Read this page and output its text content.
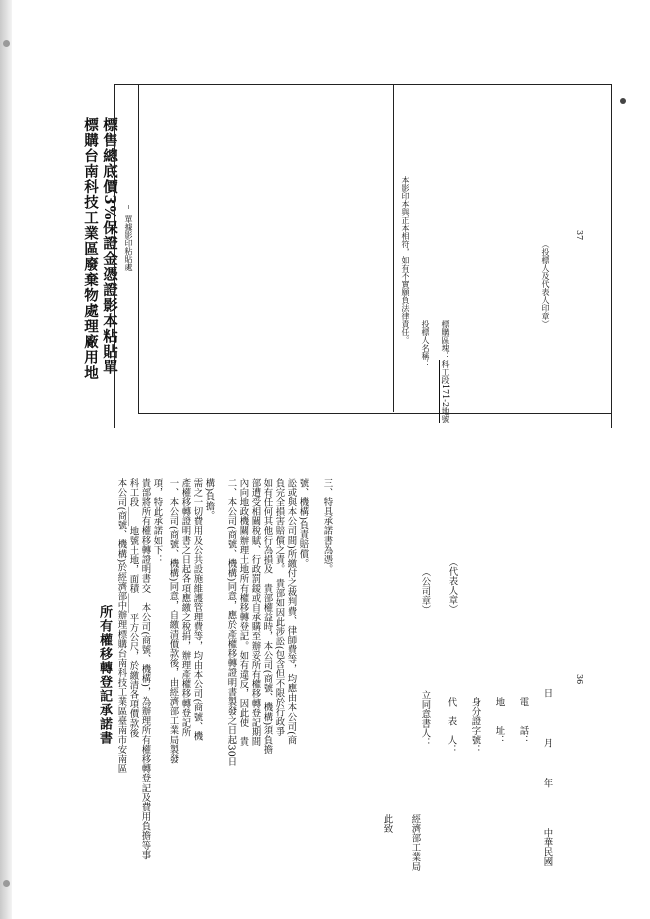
標購台南科技工業區廢棄物處理廠用地 標售總底價3%保證金憑證影本粘貼單 單據影印粘貼處	本影印本與正本相符，如有不實願負法律責任。 投標人名稱： 標購區塊：科工段171-2地號
（投標人及代表人印章）
37
所有權移轉登記承諾書 本公司(商號、機構)於經濟部中辦理標購台南科技工業區臺南市安南區 科工段____地號土地，面積____平方公尺，於繳清各項價款後 貴部將所有權移轉證明書交　本公司(商號、機構)，為辦理所有權移轉登記及費用負擔等事 項，特此承諾如下： 一、本公司(商號、機構)同意，自繳清價款後，由經濟部工業局製發 產權移轉證明書之日起各項應繳之稅捐，辦理產權移轉登記所 需之一切費用及公共設施維護管理費等，均由本公司(商號、機 構)負擔。 二、本公司(商號、機構)同意，應於產權移轉證明書製發之日起30日 內向地政機關辦理土地所有權移轉登記。如有違反，因此使　貴 部遭受相關稅賦、行政罰鍰或自承購至辦妥所有權移轉登記期間 如有任何其他行為損及　貴部權益時，本公司(商號、機構)須負擔 負完全損害賠償之責。　貴部如因此涉訟(包含但不限於行政爭 訟或與本公司間)所繳付之裁判費、律師費等，均應由本公司(商 號、機構)負責賠償。 三、特具承諾書為憑。
此致 經濟部工業局
（公司章） （代表人章）
立同意書人： 代　表　人： 身分證字號： 地　　址： 電　　話：
36
中華民國
年
月
日
